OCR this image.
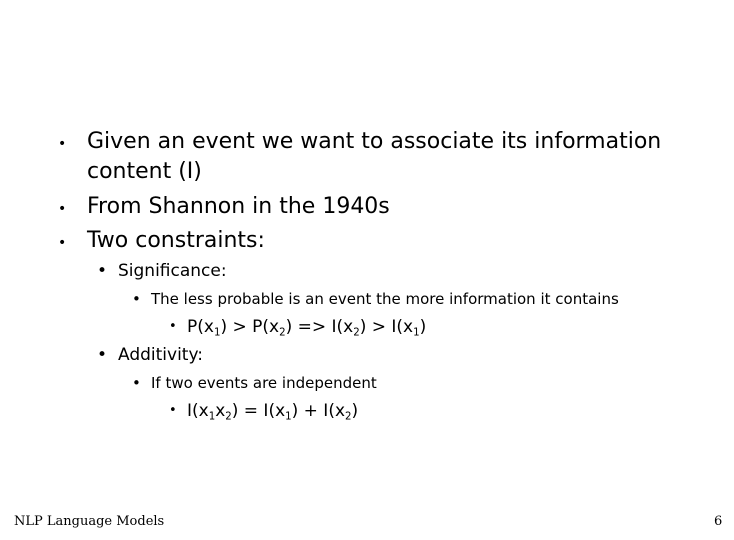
• Given an event we want to associate its information
content (I)
• From Shannon in the 1940s
• Two constraints:
• Significance:
• The less probable is an event the more information it contains
• $P(x_1) > P(x_2) => I(x_2) > I(x_1)$
• Additivity:
• If two events are independent
• $I(x_1x_2) = I(x_1) + I(x_2)$
NLP Language Models	6
